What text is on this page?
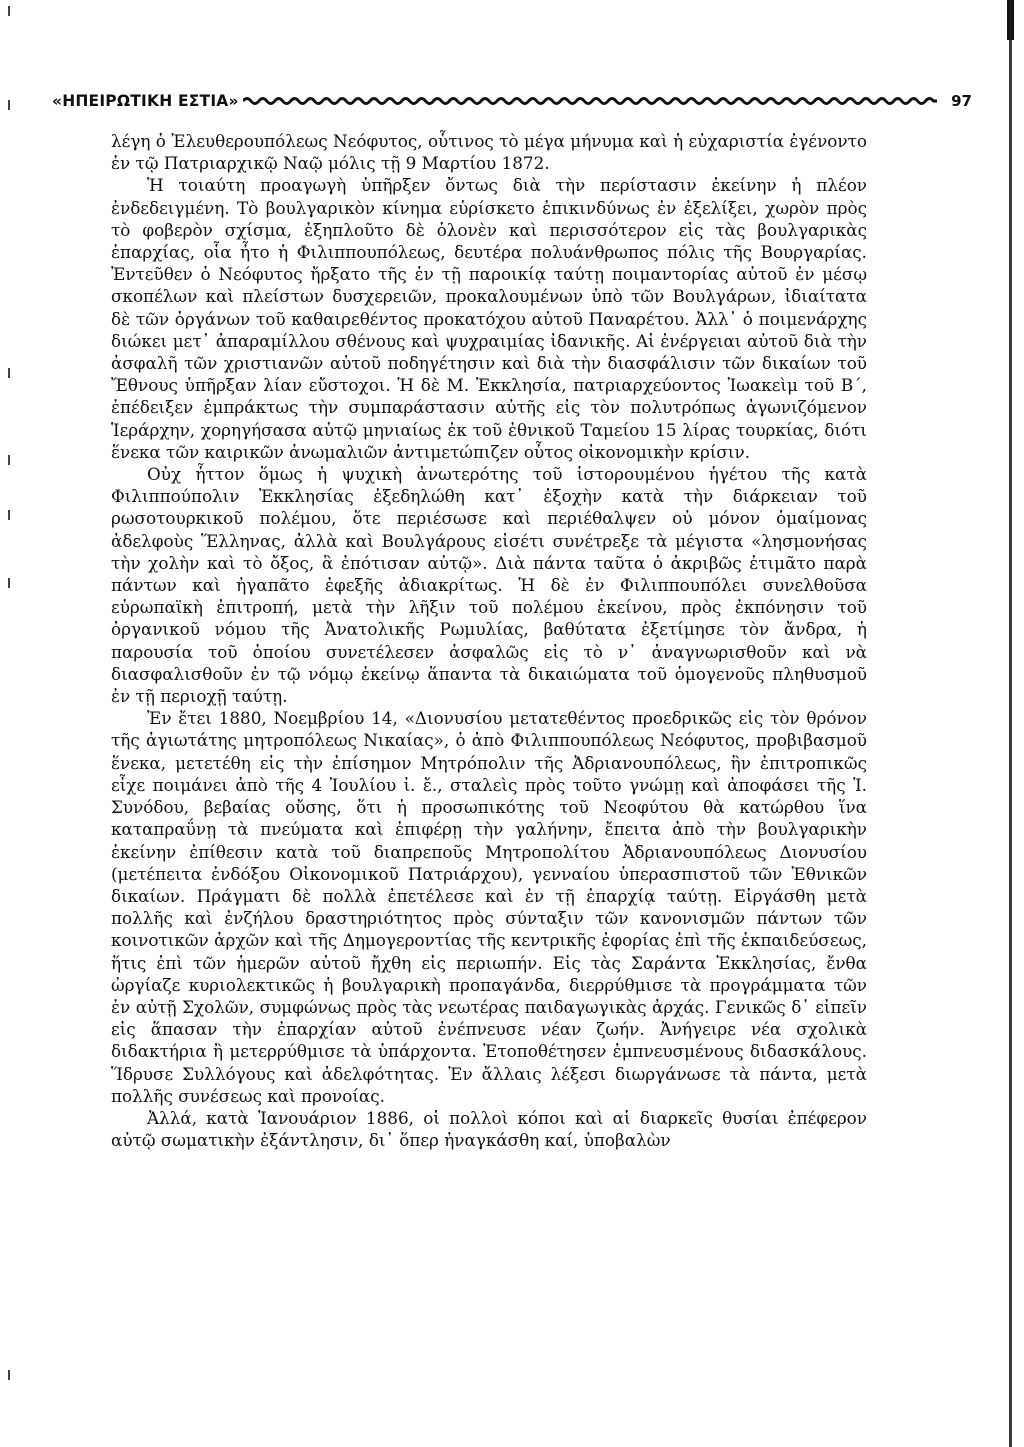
«ΗΠΕΙΡΩΤΙΚΗ ΕΣΤΙΑ»	97

λέγη ὁ Ἐλευθερουπόλεως Νεόφυτος, οὗτινος τὸ μέγα μήνυμα καὶ ἡ εὐχαριστία ἐγένοντο ἐν τῷ Πατριαρχικῷ Ναῷ μόλις τῇ 9 Μαρτίου 1872.

Ἡ τοιαύτη προαγωγὴ ὑπῆρξεν ὄντως διὰ τὴν περίστασιν ἐκείνην ἡ πλέον ἐνδεδειγμένη. Τὸ βουλγαρικὸν κίνημα εὑρίσκετο ἐπικινδύνως ἐν ἐξελίξει, χωρὸν πρὸς τὸ φοβερὸν σχίσμα, ἐξηπλοῦτο δὲ ὁλονὲν καὶ περισσότερον εἰς τὰς βουλγαρικὰς ἐπαρχίας, οἷα ἦτο ἡ Φιλιππουπόλεως, δευτέρα πολυάνθρωπος πόλις τῆς Βουργαρίας. Ἐντεῦθεν ὁ Νεόφυτος ἤρξατο τῆς ἐν τῇ παροικίᾳ ταύτῃ ποιμαντορίας αὐτοῦ ἐν μέσῳ σκοπέλων καὶ πλείστων δυσχερειῶν, προκαλουμένων ὑπὸ τῶν Βουλγάρων, ἰδιαίτατα δὲ τῶν ὀργάνων τοῦ καθαιρεθέντος προκατόχου αὐτοῦ Παναρέτου. Ἀλλ᾽ ὁ ποιμενάρχης διώκει μετ᾽ ἀπαραμίλλου σθένους καὶ ψυχραιμίας ἰδανικῆς. Αἱ ἐνέργειαι αὐτοῦ διὰ τὴν ἀσφαλῆ τῶν χριστιανῶν αὐτοῦ ποδηγέτησιν καὶ διὰ τὴν διασφάλισιν τῶν δικαίων τοῦ Ἔθνους ὑπῆρξαν λίαν εὔστοχοι. Ἡ δὲ Μ. Ἐκκλησία, πατριαρχεύοντος Ἰωακεὶμ τοῦ Β΄, ἐπέδειξεν ἐμπράκτως τὴν συμπαράστασιν αὐτῆς εἰς τὸν πολυτρόπως ἀγωνιζόμενον Ἱεράρχην, χορηγήσασα αὐτῷ μηνιαίως ἐκ τοῦ ἐθνικοῦ Ταμείου 15 λίρας τουρκίας, διότι ἕνεκα τῶν καιρικῶν ἀνωμαλιῶν ἀντιμετώπιζεν οὗτος οἰκονομικὴν κρίσιν.

Οὐχ ἧττον ὅμως ἡ ψυχικὴ ἀνωτερότης τοῦ ἱστορουμένου ἡγέτου τῆς κατὰ Φιλιππούπολιν Ἐκκλησίας ἐξεδηλώθη κατ᾽ ἐξοχὴν κατὰ τὴν διάρκειαν τοῦ ρωσοτουρκικοῦ πολέμου, ὅτε περιέσωσε καὶ περιέθαλψεν οὐ μόνον ὁμαίμονας ἀδελφοὺς Ἕλληνας, ἀλλὰ καὶ Βουλγάρους εἰσέτι συνέτρεξε τὰ μέγιστα «λησμονήσας τὴν χολὴν καὶ τὸ ὄξος, ἃ ἐπότισαν αὐτῷ». Διὰ πάντα ταῦτα ὁ ἀκριβῶς ἐτιμᾶτο παρὰ πάντων καὶ ἠγαπᾶτο ἐφεξῆς ἀδιακρίτως. Ἡ δὲ ἐν Φιλιππουπόλει συνελθοῦσα εὐρωπαϊκὴ ἐπιτροπή, μετὰ τὴν λῆξιν τοῦ πολέμου ἐκείνου, πρὸς ἐκπόνησιν τοῦ ὀργανικοῦ νόμου τῆς Ἀνατολικῆς Ρωμυλίας, βαθύτατα ἐξετίμησε τὸν ἄνδρα, ἡ παρουσία τοῦ ὁποίου συνετέλεσεν ἀσφαλῶς εἰς τὸ ν᾽ ἀναγνωρισθοῦν καὶ νὰ διασφαλισθοῦν ἐν τῷ νόμῳ ἐκείνῳ ἅπαντα τὰ δικαιώματα τοῦ ὁμογενοῦς πληθυσμοῦ ἐν τῇ περιοχῇ ταύτῃ.

Ἐν ἔτει 1880, Νοεμβρίου 14, «Διονυσίου μετατεθέντος προεδρικῶς εἰς τὸν θρόνον τῆς ἁγιωτάτης μητροπόλεως Νικαίας», ὁ ἀπὸ Φιλιππουπόλεως Νεόφυτος, προβιβασμοῦ ἕνεκα, μετετέθη εἰς τὴν ἐπίσημον Μητρόπολιν τῆς Ἀδριανουπόλεως, ἣν ἐπιτροπικῶς εἶχε ποιμάνει ἀπὸ τῆς 4 Ἰουλίου ἰ. ἔ., σταλεὶς πρὸς τοῦτο γνώμῃ καὶ ἀποφάσει τῆς Ἱ. Συνόδου, βεβαίας οὔσης, ὅτι ἡ προσωπικότης τοῦ Νεοφύτου θὰ κατώρθου ἵνα καταπραΰνῃ τὰ πνεύματα καὶ ἐπιφέρῃ τὴν γαλήνην, ἔπειτα ἀπὸ τὴν βουλγαρικὴν ἐκείνην ἐπίθεσιν κατὰ τοῦ διαπρεποῦς Μητροπολίτου Ἀδριανουπόλεως Διονυσίου (μετέπειτα ἐνδόξου Οἰκονομικοῦ Πατριάρχου), γενναίου ὑπερασπιστοῦ τῶν Ἐθνικῶν δικαίων. Πράγματι δὲ πολλὰ ἐπετέλεσε καὶ ἐν τῇ ἐπαρχίᾳ ταύτῃ. Εἰργάσθη μετὰ πολλῆς καὶ ἐνζήλου δραστηριότητος πρὸς σύνταξιν τῶν κανονισμῶν πάντων τῶν κοινοτικῶν ἀρχῶν καὶ τῆς Δημογεροντίας τῆς κεντρικῆς ἐφορίας ἐπὶ τῆς ἐκπαιδεύσεως, ἥτις ἐπὶ τῶν ἡμερῶν αὐτοῦ ἤχθη εἰς περιωπήν. Εἰς τὰς Σαράντα Ἐκκλησίας, ἔνθα ὠργίαζε κυριολεκτικῶς ἡ βουλγαρικὴ προπαγάνδα, διερρύθμισε τὰ προγράμματα τῶν ἐν αὐτῇ Σχολῶν, συμφώνως πρὸς τὰς νεωτέρας παιδαγωγικὰς ἀρχάς. Γενικῶς δ᾽ εἰπεῖν εἰς ἅπασαν τὴν ἐπαρχίαν αὐτοῦ ἐνέπνευσε νέαν ζωήν. Ἀνήγειρε νέα σχολικὰ διδακτήρια ἢ μετερρύθμισε τὰ ὑπάρχοντα. Ἐτοποθέτησεν ἐμπνευσμένους διδασκάλους. Ἵδρυσε Συλλόγους καὶ ἀδελφότητας. Ἐν ἄλλαις λέξεσι διωργάνωσε τὰ πάντα, μετὰ πολλῆς συνέσεως καὶ προνοίας.

Ἀλλά, κατὰ Ἰανουάριον 1886, οἱ πολλοὶ κόποι καὶ αἱ διαρκεῖς θυσίαι ἐπέφερον αὐτῷ σωματικὴν ἐξάντλησιν, δι᾽ ὅπερ ἠναγκάσθη καί, ὑποβαλὼν
